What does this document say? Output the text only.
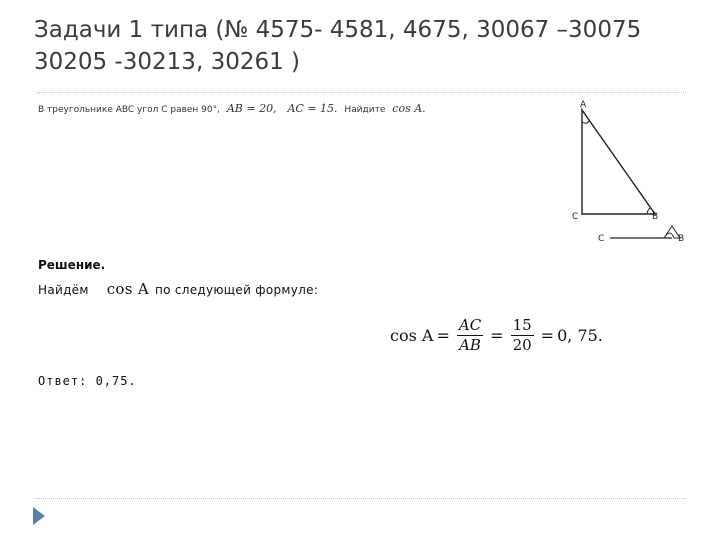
Задачи 1 типа (№ 4575- 4581, 4675, 30067 –30075
30205 -30213, 30261 )
В треугольнике ABC угол C равен 90°, AB = 20, AC = 15. Найдите cos A.	A
C	B
C	B
Решение.
Найдём cos A по следующей формуле:
$\cos A = \frac{AC}{AB} = \frac{15}{20} = 0$, 75.
Ответ: 0,75.
